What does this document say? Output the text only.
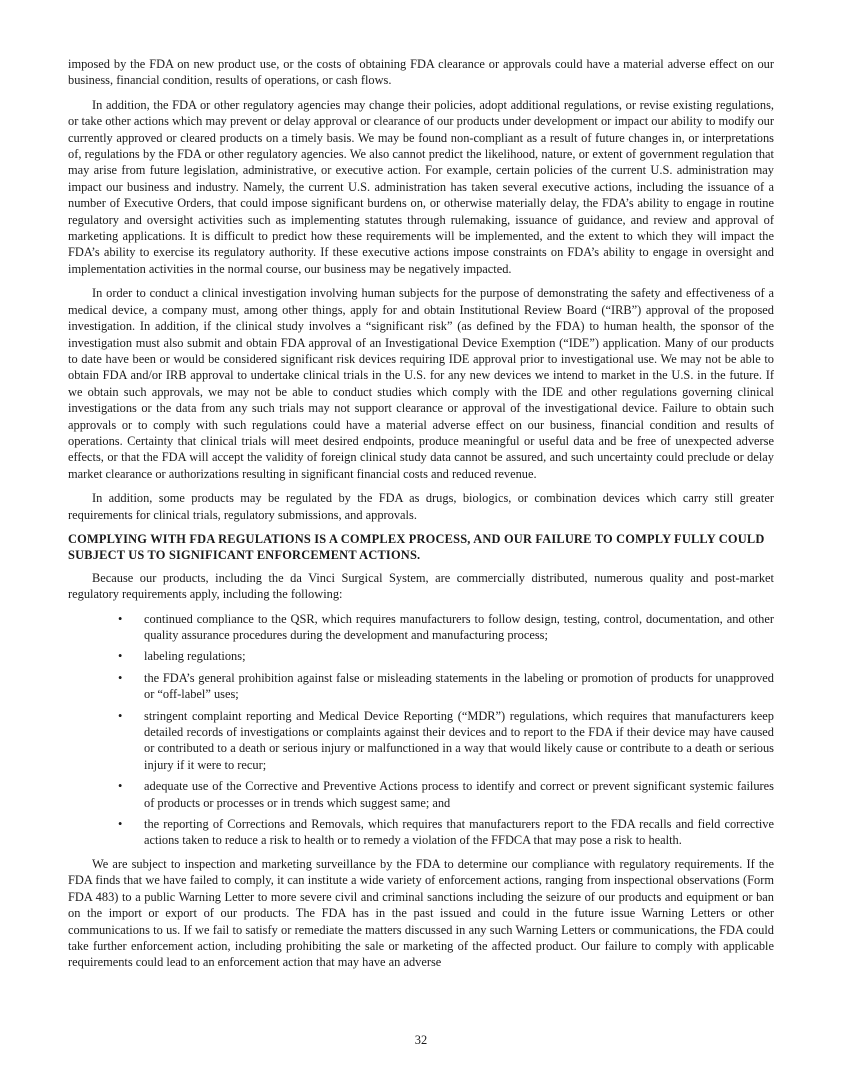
imposed by the FDA on new product use, or the costs of obtaining FDA clearance or approvals could have a material adverse effect on our business, financial condition, results of operations, or cash flows.

In addition, the FDA or other regulatory agencies may change their policies, adopt additional regulations, or revise existing regulations, or take other actions which may prevent or delay approval or clearance of our products under development or impact our ability to modify our currently approved or cleared products on a timely basis. We may be found non-compliant as a result of future changes in, or interpretations of, regulations by the FDA or other regulatory agencies. We also cannot predict the likelihood, nature, or extent of government regulation that may arise from future legislation, administrative, or executive action. For example, certain policies of the current U.S. administration may impact our business and industry. Namely, the current U.S. administration has taken several executive actions, including the issuance of a number of Executive Orders, that could impose significant burdens on, or otherwise materially delay, the FDA’s ability to engage in routine regulatory and oversight activities such as implementing statutes through rulemaking, issuance of guidance, and review and approval of marketing applications. It is difficult to predict how these requirements will be implemented, and the extent to which they will impact the FDA’s ability to exercise its regulatory authority. If these executive actions impose constraints on FDA’s ability to engage in oversight and implementation activities in the normal course, our business may be negatively impacted.

In order to conduct a clinical investigation involving human subjects for the purpose of demonstrating the safety and effectiveness of a medical device, a company must, among other things, apply for and obtain Institutional Review Board (“IRB”) approval of the proposed investigation. In addition, if the clinical study involves a “significant risk” (as defined by the FDA) to human health, the sponsor of the investigation must also submit and obtain FDA approval of an Investigational Device Exemption (“IDE”) application. Many of our products to date have been or would be considered significant risk devices requiring IDE approval prior to investigational use. We may not be able to obtain FDA and/or IRB approval to undertake clinical trials in the U.S. for any new devices we intend to market in the U.S. in the future. If we obtain such approvals, we may not be able to conduct studies which comply with the IDE and other regulations governing clinical investigations or the data from any such trials may not support clearance or approval of the investigational device. Failure to obtain such approvals or to comply with such regulations could have a material adverse effect on our business, financial condition and results of operations. Certainty that clinical trials will meet desired endpoints, produce meaningful or useful data and be free of unexpected adverse effects, or that the FDA will accept the validity of foreign clinical study data cannot be assured, and such uncertainty could preclude or delay market clearance or authorizations resulting in significant financial costs and reduced revenue.

In addition, some products may be regulated by the FDA as drugs, biologics, or combination devices which carry still greater requirements for clinical trials, regulatory submissions, and approvals.

COMPLYING WITH FDA REGULATIONS IS A COMPLEX PROCESS, AND OUR FAILURE TO COMPLY FULLY COULD SUBJECT US TO SIGNIFICANT ENFORCEMENT ACTIONS.

Because our products, including the da Vinci Surgical System, are commercially distributed, numerous quality and post-market regulatory requirements apply, including the following:

• continued compliance to the QSR, which requires manufacturers to follow design, testing, control, documentation, and other quality assurance procedures during the development and manufacturing process;
• labeling regulations;
• the FDA’s general prohibition against false or misleading statements in the labeling or promotion of products for unapproved or “off-label” uses;
• stringent complaint reporting and Medical Device Reporting (“MDR”) regulations, which requires that manufacturers keep detailed records of investigations or complaints against their devices and to report to the FDA if their device may have caused or contributed to a death or serious injury or malfunctioned in a way that would likely cause or contribute to a death or serious injury if it were to recur;
• adequate use of the Corrective and Preventive Actions process to identify and correct or prevent significant systemic failures of products or processes or in trends which suggest same; and
• the reporting of Corrections and Removals, which requires that manufacturers report to the FDA recalls and field corrective actions taken to reduce a risk to health or to remedy a violation of the FFDCA that may pose a risk to health.

We are subject to inspection and marketing surveillance by the FDA to determine our compliance with regulatory requirements. If the FDA finds that we have failed to comply, it can institute a wide variety of enforcement actions, ranging from inspectional observations (Form FDA 483) to a public Warning Letter to more severe civil and criminal sanctions including the seizure of our products and equipment or ban on the import or export of our products. The FDA has in the past issued and could in the future issue Warning Letters or other communications to us. If we fail to satisfy or remediate the matters discussed in any such Warning Letters or communications, the FDA could take further enforcement action, including prohibiting the sale or marketing of the affected product. Our failure to comply with applicable requirements could lead to an enforcement action that may have an adverse

32
